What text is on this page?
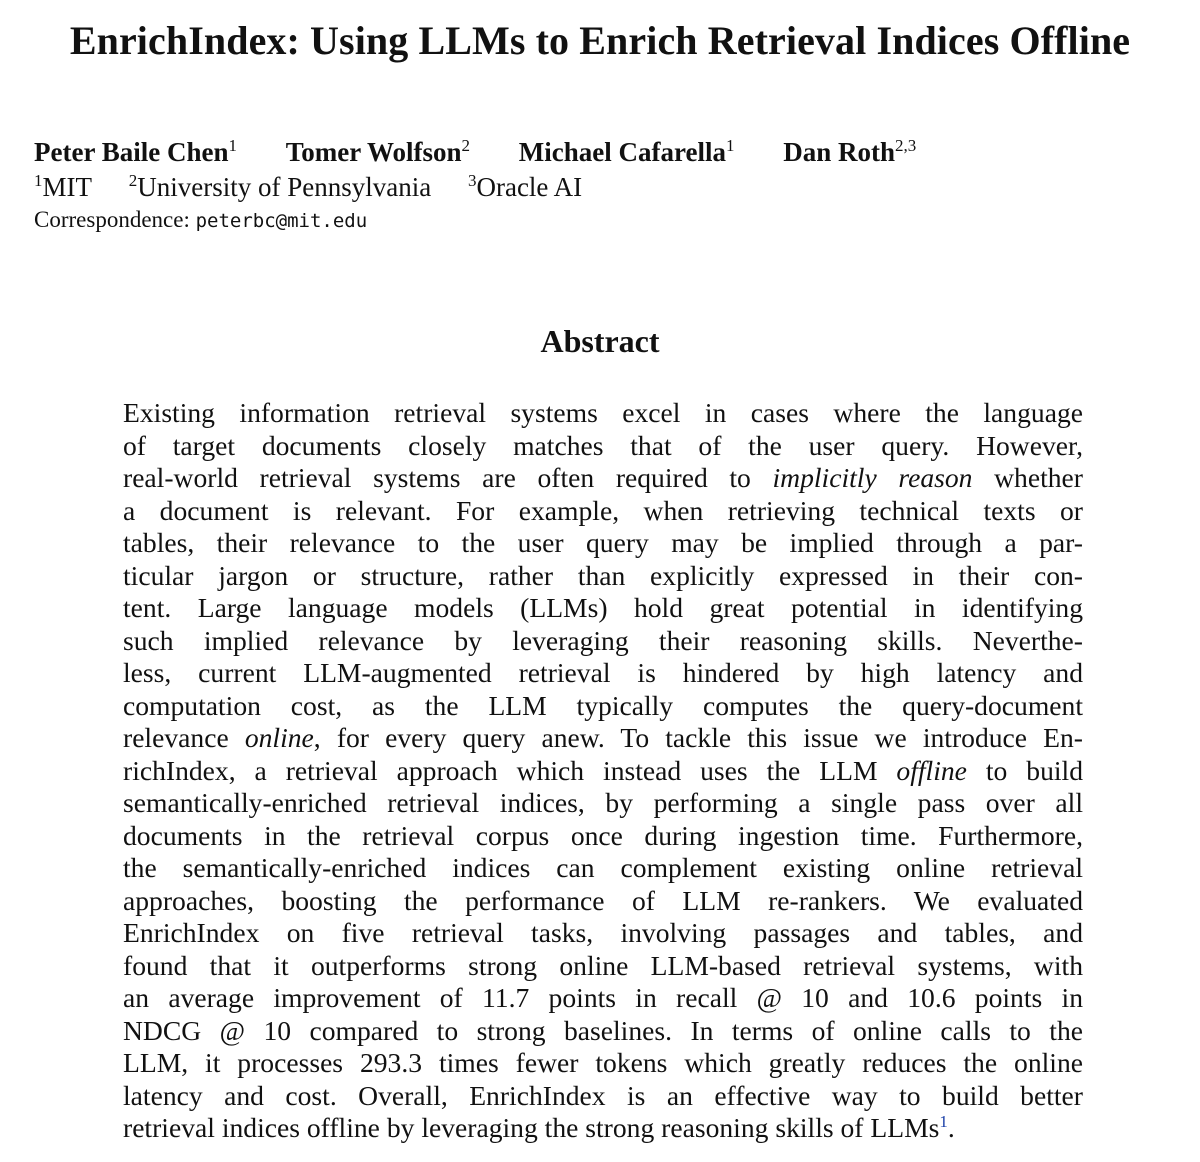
EnrichIndex: Using LLMs to Enrich Retrieval Indices Offline
Peter Baile Chen$^1$ Tomer Wolfson$^2$ Michael Cafarella$^1$ Dan Roth$^{2,3}$
$^1$MIT $^2$University of Pennsylvania $^3$Oracle AI
Correspondence: peterbc@mit.edu
Abstract
Existing information retrieval systems excel in cases where the language
of target documents closely matches that of the user query. However,
real-world retrieval systems are often required to implicitly reason whether
a document is relevant. For example, when retrieving technical texts or
tables, their relevance to the user query may be implied through a par-
ticular jargon or structure, rather than explicitly expressed in their con-
tent. Large language models (LLMs) hold great potential in identifying
such implied relevance by leveraging their reasoning skills. Neverthe-
less, current LLM-augmented retrieval is hindered by high latency and
computation cost, as the LLM typically computes the query-document
relevance online, for every query anew. To tackle this issue we introduce En-
richIndex, a retrieval approach which instead uses the LLM offline to build
semantically-enriched retrieval indices, by performing a single pass over all
documents in the retrieval corpus once during ingestion time. Furthermore,
the semantically-enriched indices can complement existing online retrieval
approaches, boosting the performance of LLM re-rankers. We evaluated
EnrichIndex on five retrieval tasks, involving passages and tables, and
found that it outperforms strong online LLM-based retrieval systems, with
an average improvement of 11.7 points in recall @ 10 and 10.6 points in
NDCG @ 10 compared to strong baselines. In terms of online calls to the
LLM, it processes 293.3 times fewer tokens which greatly reduces the online
latency and cost. Overall, EnrichIndex is an effective way to build better
retrieval indices offline by leveraging the strong reasoning skills of LLMs$^1$.
